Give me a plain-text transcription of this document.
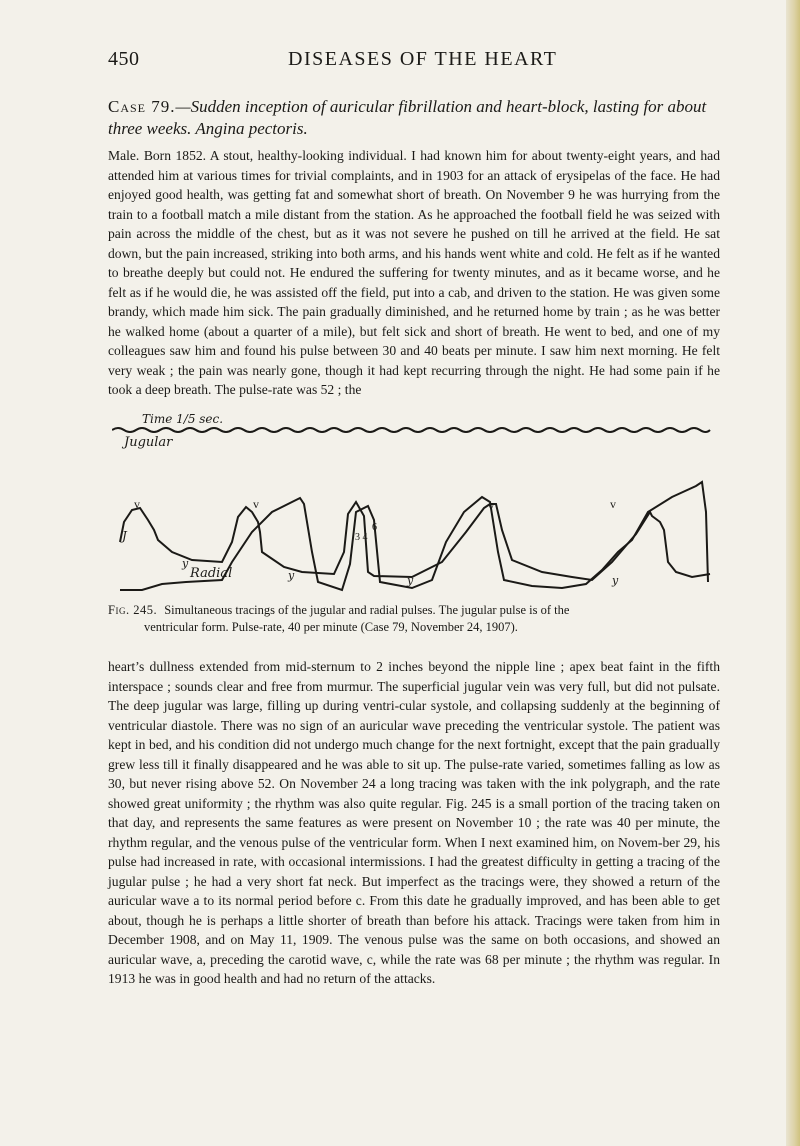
450	DISEASES OF THE HEART
Case 79.—Sudden inception of auricular fibrillation and heart-block, lasting for about three weeks. Angina pectoris.
Male. Born 1852. A stout, healthy-looking individual. I had known him for about twenty-eight years, and had attended him at various times for trivial complaints, and in 1903 for an attack of erysipelas of the face. He had enjoyed good health, was getting fat and somewhat short of breath. On November 9 he was hurrying from the train to a football match a mile distant from the station. As he approached the football field he was seized with pain across the middle of the chest, but as it was not severe he pushed on till he arrived at the field. He sat down, but the pain increased, striking into both arms, and his hands went white and cold. He felt as if he wanted to breathe deeply but could not. He endured the suffering for twenty minutes, and as it became worse, and he felt as if he would die, he was assisted off the field, put into a cab, and driven to the station. He was given some brandy, which made him sick. The pain gradually diminished, and he returned home by train ; as he was better he walked home (about a quarter of a mile), but felt sick and short of breath. He went to bed, and one of my colleagues saw him and found his pulse between 30 and 40 beats per minute. I saw him next morning. He felt very weak ; the pain was nearly gone, though it had kept recurring through the night. He had some pain if he took a deep breath. The pulse-rate was 52 ; the
Time 1/5 sec.
Jugular
Radial
v	v	v	v
J
y
y	y	y
3 4
6
Fig. 245. Simultaneous tracings of the jugular and radial pulses. The jugular pulse is of the
ventricular form. Pulse-rate, 40 per minute (Case 79, November 24, 1907).
heart’s dullness extended from mid-sternum to 2 inches beyond the nipple line ; apex beat faint in the fifth interspace ; sounds clear and free from murmur. The superficial jugular vein was very full, but did not pulsate. The deep jugular was large, filling up during ventri-cular systole, and collapsing suddenly at the beginning of ventricular diastole. There was no sign of an auricular wave preceding the ventricular systole. The patient was kept in bed, and his condition did not undergo much change for the next fortnight, except that the pain gradually grew less till it finally disappeared and he was able to sit up. The pulse-rate varied, sometimes falling as low as 30, but never rising above 52. On November 24 a long tracing was taken with the ink polygraph, and the rate showed great uniformity ; the rhythm was also quite regular. Fig. 245 is a small portion of the tracing taken on that day, and represents the same features as were present on November 10 ; the rate was 40 per minute, the rhythm regular, and the venous pulse of the ventricular form. When I next examined him, on Novem-ber 29, his pulse had increased in rate, with occasional intermissions. I had the greatest difficulty in getting a tracing of the jugular pulse ; he had a very short fat neck. But imperfect as the tracings were, they showed a return of the auricular wave a to its normal period before c. From this date he gradually improved, and has been able to get about, though he is perhaps a little shorter of breath than before his attack. Tracings were taken from him in December 1908, and on May 11, 1909. The venous pulse was the same on both occasions, and showed an auricular wave, a, preceding the carotid wave, c, while the rate was 68 per minute ; the rhythm was regular. In 1913 he was in good health and had no return of the attacks.
